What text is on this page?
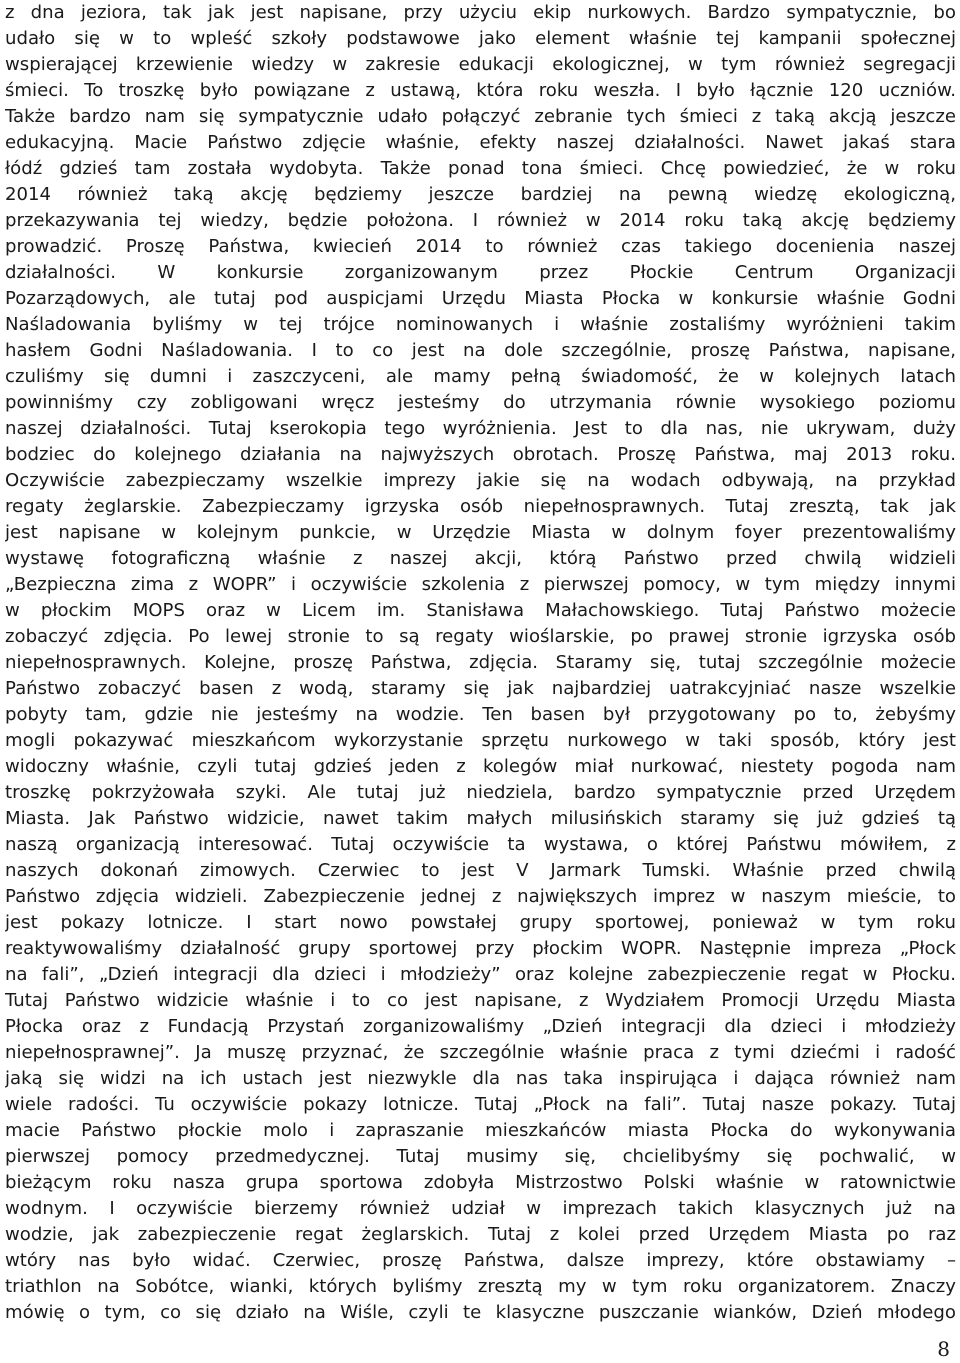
z dna jeziora, tak jak jest napisane, przy użyciu ekip nurkowych. Bardzo sympatycznie, bo
udało się w to wpleść szkoły podstawowe jako element właśnie tej kampanii społecznej
wspierającej krzewienie wiedzy w zakresie edukacji ekologicznej, w tym również segregacji
śmieci. To troszkę było powiązane z ustawą, która roku weszła. I było łącznie 120 uczniów.
Także bardzo nam się sympatycznie udało połączyć zebranie tych śmieci z taką akcją jeszcze
edukacyjną. Macie Państwo zdjęcie właśnie, efekty naszej działalności. Nawet jakaś stara
łódź gdzieś tam została wydobyta. Także ponad tona śmieci. Chcę powiedzieć, że w roku
2014 również taką akcję będziemy jeszcze bardziej na pewną wiedzę ekologiczną,
przekazywania tej wiedzy, będzie położona. I również w 2014 roku taką akcję będziemy
prowadzić. Proszę Państwa, kwiecień 2014 to również czas takiego docenienia naszej
działalności. W konkursie zorganizowanym przez Płockie Centrum Organizacji
Pozarządowych, ale tutaj pod auspicjami Urzędu Miasta Płocka w konkursie właśnie Godni
Naśladowania byliśmy w tej trójce nominowanych i właśnie zostaliśmy wyróżnieni takim
hasłem Godni Naśladowania. I to co jest na dole szczególnie, proszę Państwa, napisane,
czuliśmy się dumni i zaszczyceni, ale mamy pełną świadomość, że w kolejnych latach
powinniśmy czy zobligowani wręcz jesteśmy do utrzymania równie wysokiego poziomu
naszej działalności. Tutaj kserokopia tego wyróżnienia. Jest to dla nas, nie ukrywam, duży
bodziec do kolejnego działania na najwyższych obrotach. Proszę Państwa, maj 2013 roku.
Oczywiście zabezpieczamy wszelkie imprezy jakie się na wodach odbywają, na przykład
regaty żeglarskie. Zabezpieczamy igrzyska osób niepełnosprawnych. Tutaj zresztą, tak jak
jest napisane w kolejnym punkcie, w Urzędzie Miasta w dolnym foyer prezentowaliśmy
wystawę fotograficzną właśnie z naszej akcji, którą Państwo przed chwilą widzieli
„Bezpieczna zima z WOPR” i oczywiście szkolenia z pierwszej pomocy, w tym między innymi
w płockim MOPS oraz w Licem im. Stanisława Małachowskiego. Tutaj Państwo możecie
zobaczyć zdjęcia. Po lewej stronie to są regaty wioślarskie, po prawej stronie igrzyska osób
niepełnosprawnych. Kolejne, proszę Państwa, zdjęcia. Staramy się, tutaj szczególnie możecie
Państwo zobaczyć basen z wodą, staramy się jak najbardziej uatrakcyjniać nasze wszelkie
pobyty tam, gdzie nie jesteśmy na wodzie. Ten basen był przygotowany po to, żebyśmy
mogli pokazywać mieszkańcom wykorzystanie sprzętu nurkowego w taki sposób, który jest
widoczny właśnie, czyli tutaj gdzieś jeden z kolegów miał nurkować, niestety pogoda nam
troszkę pokrzyżowała szyki. Ale tutaj już niedziela, bardzo sympatycznie przed Urzędem
Miasta. Jak Państwo widzicie, nawet takim małych milusińskich staramy się już gdzieś tą
naszą organizacją interesować. Tutaj oczywiście ta wystawa, o której Państwu mówiłem, z
naszych dokonań zimowych. Czerwiec to jest V Jarmark Tumski. Właśnie przed chwilą
Państwo zdjęcia widzieli. Zabezpieczenie jednej z największych imprez w naszym mieście, to
jest pokazy lotnicze. I start nowo powstałej grupy sportowej, ponieważ w tym roku
reaktywowaliśmy działalność grupy sportowej przy płockim WOPR. Następnie impreza „Płock
na fali”, „Dzień integracji dla dzieci i młodzieży” oraz kolejne zabezpieczenie regat w Płocku.
Tutaj Państwo widzicie właśnie i to co jest napisane, z Wydziałem Promocji Urzędu Miasta
Płocka oraz z Fundacją Przystań zorganizowaliśmy „Dzień integracji dla dzieci i młodzieży
niepełnosprawnej”. Ja muszę przyznać, że szczególnie właśnie praca z tymi dziećmi i radość
jaką się widzi na ich ustach jest niezwykle dla nas taka inspirująca i dająca również nam
wiele radości. Tu oczywiście pokazy lotnicze. Tutaj „Płock na fali”. Tutaj nasze pokazy. Tutaj
macie Państwo płockie molo i zapraszanie mieszkańców miasta Płocka do wykonywania
pierwszej pomocy przedmedycznej. Tutaj musimy się, chcielibyśmy się pochwalić, w
bieżącym roku nasza grupa sportowa zdobyła Mistrzostwo Polski właśnie w ratownictwie
wodnym. I oczywiście bierzemy również udział w imprezach takich klasycznych już na
wodzie, jak zabezpieczenie regat żeglarskich. Tutaj z kolei przed Urzędem Miasta po raz
wtóry nas było widać. Czerwiec, proszę Państwa, dalsze imprezy, które obstawiamy –
triathlon na Sobótce, wianki, których byliśmy zresztą my w tym roku organizatorem. Znaczy
mówię o tym, co się działo na Wiśle, czyli te klasyczne puszczanie wianków, Dzień młodego
8
